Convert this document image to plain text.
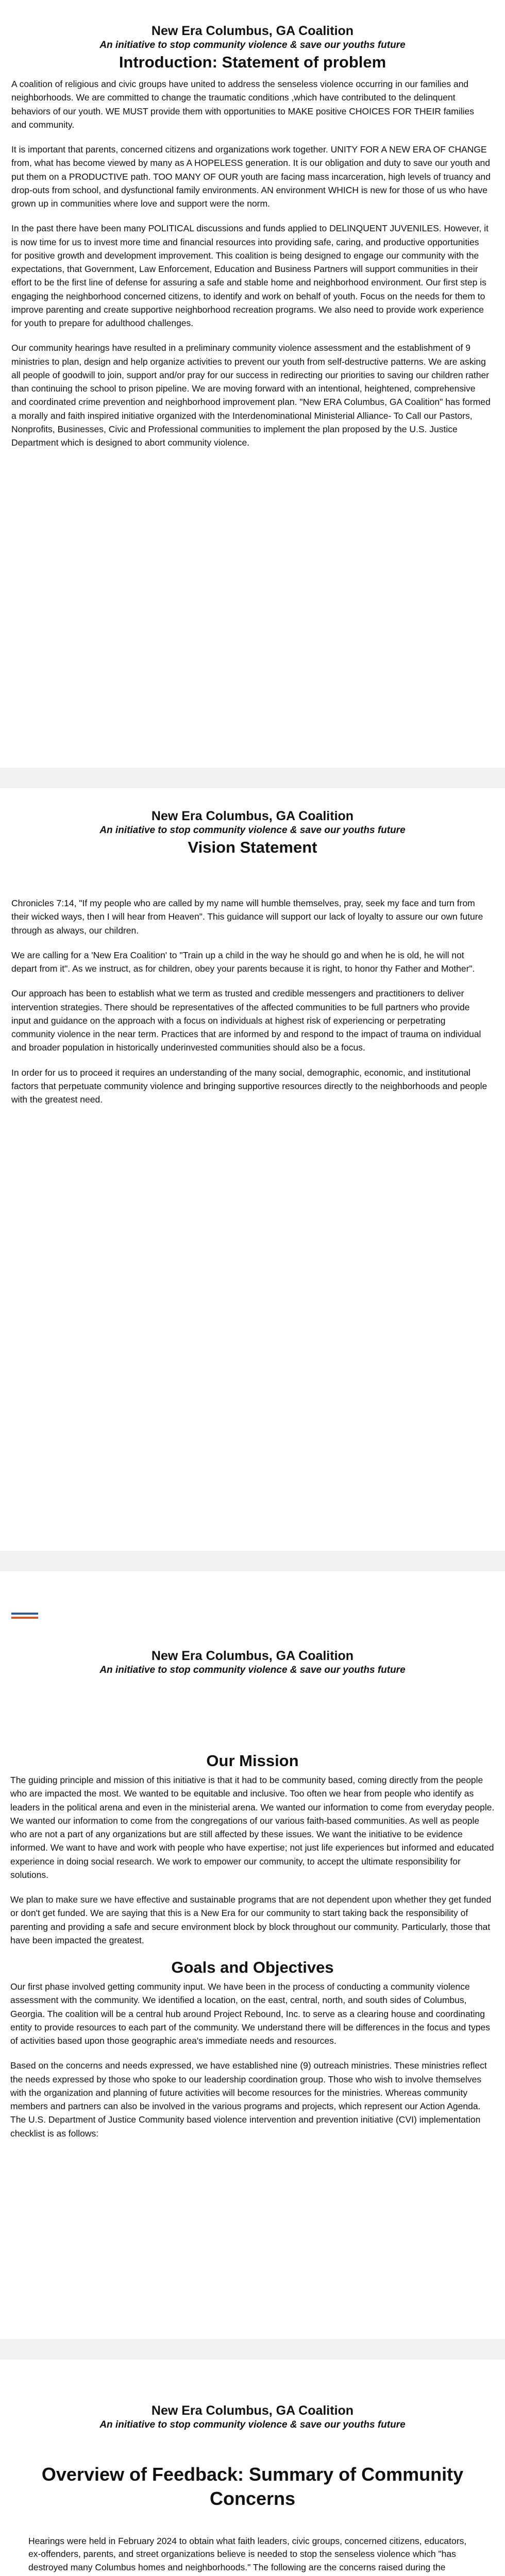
New Era Columbus, GA Coalition

An initiative to stop community violence & save our youths future

Introduction: Statement of problem

A coalition of religious and civic groups have united to address the senseless violence occurring in our families and neighborhoods. We are committed to change the traumatic conditions ,which have contributed to the delinquent behaviors of our youth. WE MUST provide them with opportunities to MAKE positive CHOICES FOR THEIR families and community.

It is important that parents, concerned citizens and organizations work together. UNITY FOR A NEW ERA OF CHANGE from, what has become viewed by many as A HOPELESS generation. It is our obligation and duty to save our youth and put them on a PRODUCTIVE path. TOO MANY OF OUR youth are facing mass incarceration, high levels of truancy and drop-outs from school, and dysfunctional family environments. AN environment WHICH is new for those of us who have grown up in communities where love and support were the norm.

In the past there have been many POLITICAL discussions and funds applied to DELINQUENT JUVENILES. However, it is now time for us to invest more time and financial resources into providing safe, caring, and productive opportunities for positive growth and development improvement. This coalition is being designed to engage our community with the expectations, that Government, Law Enforcement, Education and Business Partners will support communities in their effort to be the first line of defense for assuring a safe and stable home and neighborhood environment. Our first step is engaging the neighborhood concerned citizens, to identify and work on behalf of youth. Focus on the needs for them to improve parenting and create supportive neighborhood recreation programs. We also need to provide work experience for youth to prepare for adulthood challenges.

Our community hearings have resulted in a preliminary community violence assessment and the establishment of 9 ministries to plan, design and help organize activities to prevent our youth from self-destructive patterns. We are asking all people of goodwill to join, support and/or pray for our success in redirecting our priorities to saving our children rather than continuing the school to prison pipeline. We are moving forward with an intentional, heightened, comprehensive and coordinated crime prevention and neighborhood improvement plan. "New ERA Columbus, GA Coalition" has formed a morally and faith inspired initiative organized with the Interdenominational Ministerial Alliance- To Call our Pastors, Nonprofits, Businesses, Civic and Professional communities to implement the plan proposed by the U.S. Justice Department which is designed to abort community violence.

New Era Columbus, GA Coalition

An initiative to stop community violence & save our youths future

Vision Statement

Chronicles 7:14, "If my people who are called by my name will humble themselves, pray, seek my face and turn from their wicked ways, then I will hear from Heaven". This guidance will support our lack of loyalty to assure our own future through as always, our children.

We are calling for a 'New Era Coalition' to "Train up a child in the way he should go and when he is old, he will not depart from it". As we instruct, as for children, obey your parents because it is right, to honor thy Father and Mother".

Our approach has been to establish what we term as trusted and credible messengers and practitioners to deliver intervention strategies. There should be representatives of the affected communities to be full partners who provide input and guidance on the approach with a focus on individuals at highest risk of experiencing or perpetrating community violence in the near term. Practices that are informed by and respond to the impact of trauma on individual and broader population in historically underinvested communities should also be a focus.

In order for us to proceed it requires an understanding of the many social, demographic, economic, and institutional factors that perpetuate community violence and bringing supportive resources directly to the neighborhoods and people with the greatest need.

New Era Columbus, GA Coalition

An initiative to stop community violence & save our youths future

Our Mission

The guiding principle and mission of this initiative is that it had to be community based, coming directly from the people who are impacted the most. We wanted to be equitable and inclusive. Too often we hear from people who identify as leaders in the political arena and even in the ministerial arena. We wanted our information to come from everyday people. We wanted our information to come from the congregations of our various faith-based communities. As well as people who are not a part of any organizations but are still affected by these issues. We want the initiative to be evidence informed. We want to have and work with people who have expertise; not just life experiences but informed and educated experience in doing social research. We work to empower our community, to accept the ultimate responsibility for solutions.

We plan to make sure we have effective and sustainable programs that are not dependent upon whether they get funded or don't get funded. We are saying that this is a New Era for our community to start taking back the responsibility of parenting and providing a safe and secure environment block by block throughout our community. Particularly, those that have been impacted the greatest.

Goals and Objectives

Our first phase involved getting community input. We have been in the process of conducting a community violence assessment with the community. We identified a location, on the east, central, north, and south sides of Columbus, Georgia. The coalition will be a central hub around Project Rebound, Inc. to serve as a clearing house and coordinating entity to provide resources to each part of the community. We understand there will be differences in the focus and types of activities based upon those geographic area's immediate needs and resources.

Based on the concerns and needs expressed, we have established nine (9) outreach ministries. These ministries reflect the needs expressed by those who spoke to our leadership coordination group. Those who wish to involve themselves with the organization and planning of future activities will become resources for the ministries. Whereas community members and partners can also be involved in the various programs and projects, which represent our Action Agenda. The U.S. Department of Justice Community based violence intervention and prevention initiative (CVI) implementation checklist is as follows:

New Era Columbus, GA Coalition

An initiative to stop community violence & save our youths future

Overview of Feedback: Summary of Community Concerns
Hearings were held in February 2024 to obtain what faith leaders, civic groups, concerned citizens, educators, ex-offenders, parents, and street organizations believe is needed to stop the senseless violence which "has destroyed many Columbus homes and neighborhoods." The following are the concerns raised during the
